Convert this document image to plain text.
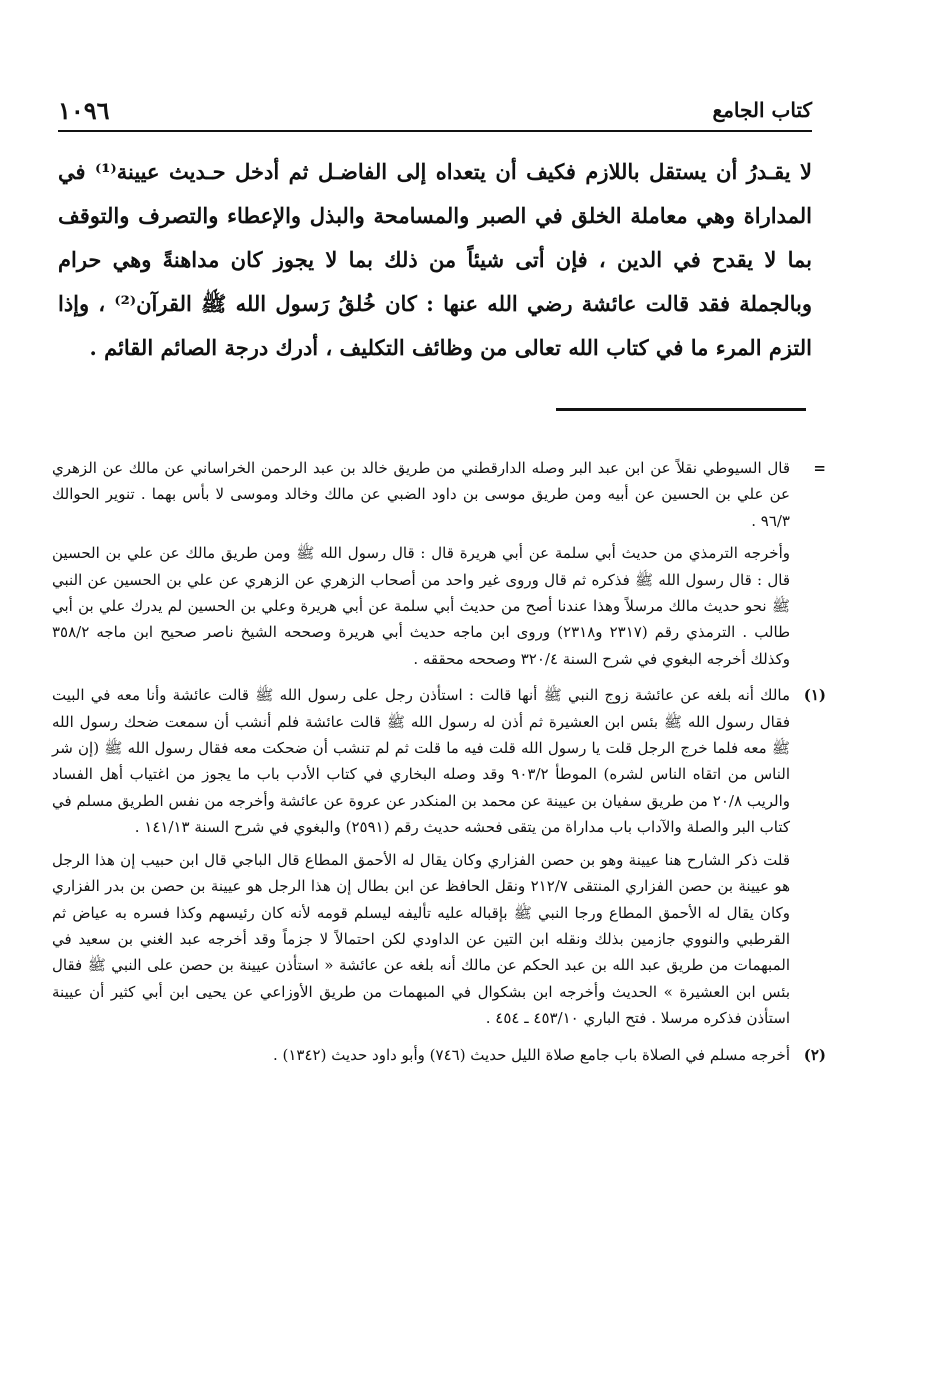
كتاب الجامع
١٠٩٦

لا يقـدرُ أن يستقل باللازم فكيف أن يتعداه إلى الفاضـل ثم أدخل حـديث عيينة⁽¹⁾ في المداراة وهي معاملة الخلق في الصبر والمسامحة والبذل والإعطاء والتصرف والتوقف بما لا يقدح في الدين ، فإن أتى شيئاً من ذلك بما لا يجوز كان مداهنةً وهي حرام وبالجملة فقد قالت عائشة رضي الله عنها : كان خُلقُ رَسول الله ﷺ القرآن⁽²⁾ ، وإذا التزم المرء ما في كتاب الله تعالى من وظائف التكليف ، أدرك درجة الصائم القائم .

=

قال السيوطي نقلاً عن ابن عبد البر وصله الدارقطني من طريق خالد بن عبد الرحمن الخراساني عن مالك عن الزهري عن علي بن الحسين عن أبيه ومن طريق موسى بن داود الضبي عن مالك وخالد وموسى لا بأس بهما . تنوير الحوالك ٩٦/٣ .

وأخرجه الترمذي من حديث أبي سلمة عن أبي هريرة قال : قال رسول الله ﷺ ومن طريق مالك عن علي بن الحسين قال : قال رسول الله ﷺ فذكره ثم قال وروى غير واحد من أصحاب الزهري عن الزهري عن علي بن الحسين عن النبي ﷺ نحو حديث مالك مرسلاً وهذا عندنا أصح من حديث أبي سلمة عن أبي هريرة وعلي بن الحسين لم يدرك علي بن أبي طالب . الترمذي رقم (٢٣١٧ و٢٣١٨) وروى ابن ماجه حديث أبي هريرة وصححه الشيخ ناصر صحيح ابن ماجه ٣٥٨/٢ وكذلك أخرجه البغوي في شرح السنة ٣٢٠/٤ وصححه محققه .

(١)

مالك أنه بلغه عن عائشة زوج النبي ﷺ أنها قالت : استأذن رجل على رسول الله ﷺ قالت عائشة وأنا معه في البيت فقال رسول الله ﷺ بئس ابن العشيرة ثم أذن له رسول الله ﷺ قالت عائشة فلم أنشب أن سمعت ضحك رسول الله ﷺ معه فلما خرج الرجل قلت يا رسول الله قلت فيه ما قلت ثم لم تنشب أن ضحكت معه فقال رسول الله ﷺ (إن شر الناس من اتقاه الناس لشره) الموطأ ٩٠٣/٢ وقد وصله البخاري في كتاب الأدب باب ما يجوز من اغتياب أهل الفساد والريب ٢٠/٨ من طريق سفيان بن عيينة عن محمد بن المنكدر عن عروة عن عائشة وأخرجه من نفس الطريق مسلم في كتاب البر والصلة والآداب باب مداراة من يتقى فحشه حديث رقم (٢٥٩١) والبغوي في شرح السنة ١٤١/١٣ .

قلت ذكر الشارح هنا عيينة وهو بن حصن الفزاري وكان يقال له الأحمق المطاع قال الباجي قال ابن حبيب إن هذا الرجل هو عيينة بن حصن الفزاري المنتقى ٢١٢/٧ ونقل الحافظ عن ابن بطال إن هذا الرجل هو عيينة بن حصن بن بدر الفزاري وكان يقال له الأحمق المطاع ورجا النبي ﷺ بإقباله عليه تأليفه ليسلم قومه لأنه كان رئيسهم وكذا فسره به عياض ثم القرطبي والنووي جازمين بذلك ونقله ابن التين عن الداودي لكن احتمالاً لا جزماً وقد أخرجه عبد الغني بن سعيد في المبهمات من طريق عبد الله بن عبد الحكم عن مالك أنه بلغه عن عائشة « استأذن عيينة بن حصن على النبي ﷺ فقال بئس ابن العشيرة » الحديث وأخرجه ابن بشكوال في المبهمات من طريق الأوزاعي عن يحيى ابن أبي كثير أن عيينة استأذن فذكره مرسلا . فتح الباري ٤٥٣/١٠ ـ ٤٥٤ .

(٢)

أخرجه مسلم في الصلاة باب جامع صلاة الليل حديث (٧٤٦) وأبو داود حديث (١٣٤٢) .
